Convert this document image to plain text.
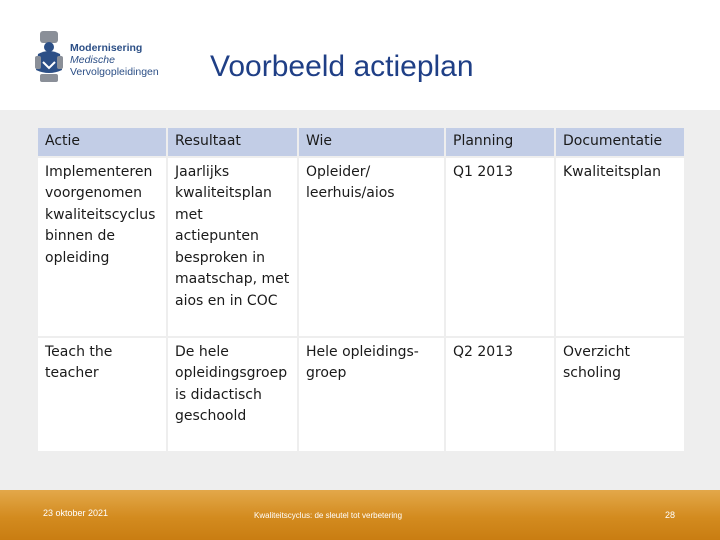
Modernisering
Medische
Vervolgopleidingen Voorbeeld actieplan
Actie	Resultaat	Wie	Planning	Documentatie
Implementeren voorgenomen kwaliteitscyclus binnen de opleiding	Jaarlijks kwaliteitsplan met actiepunten besproken in maatschap, met aios en in COC	Opleider/ leerhuis/aios	Q1 2013	Kwaliteitsplan
Teach the teacher	De hele opleidingsgroep is didactisch geschoold	Hele opleidings-groep	Q2 2013	Overzicht scholing
23 oktober 2021	Kwaliteitscyclus: de sleutel tot verbetering	28
